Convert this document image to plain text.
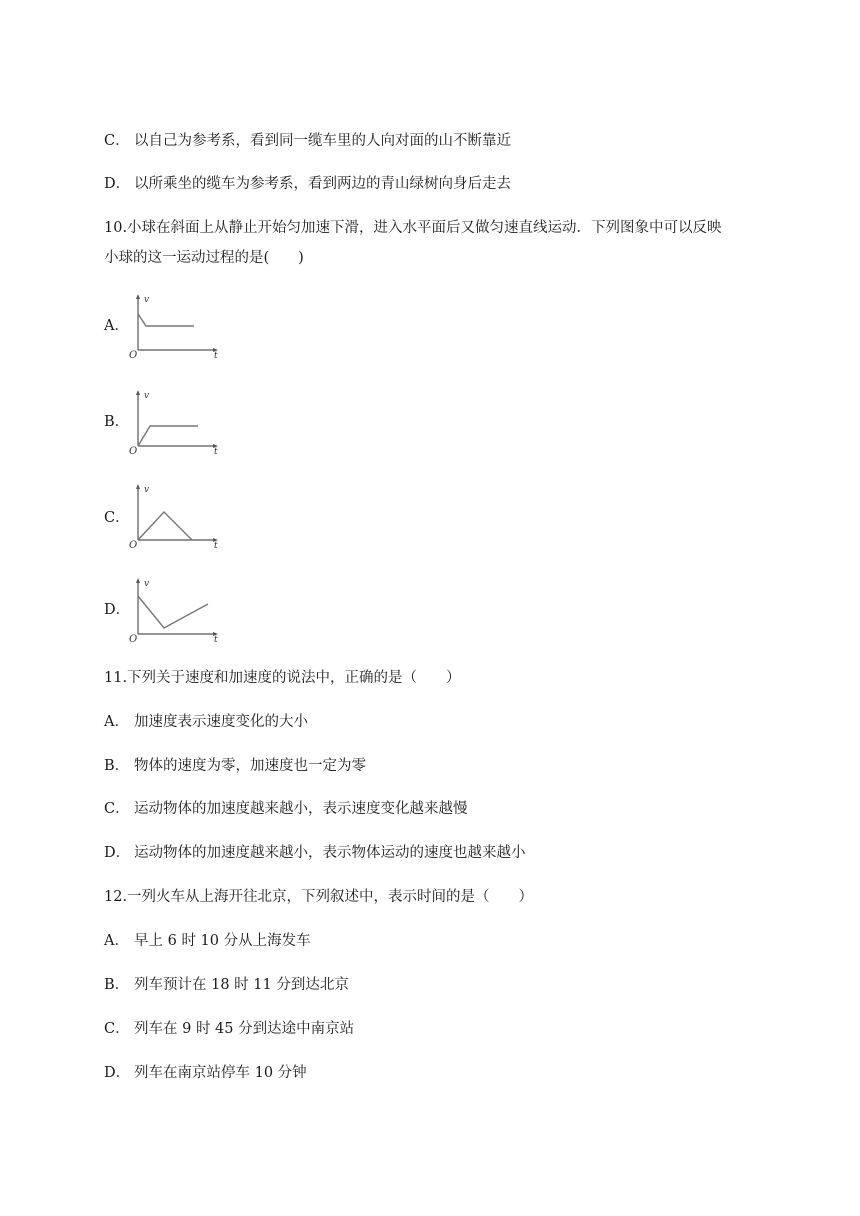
C． 以自己为参考系，看到同一缆车里的人向对面的山不断靠近
D． 以所乘坐的缆车为参考系，看到两边的青山绿树向身后走去
10.小球在斜面上从静止开始匀加速下滑，进入水平面后又做匀速直线运动．下列图象中可以反映
小球的这一运动过程的是(　　)
A．
v
t
O
B．
v
t
O
C．
v
t
O
D．
v
t
O
11.下列关于速度和加速度的说法中，正确的是（　　）
A． 加速度表示速度变化的大小
B． 物体的速度为零，加速度也一定为零
C． 运动物体的加速度越来越小，表示速度变化越来越慢
D． 运动物体的加速度越来越小，表示物体运动的速度也越来越小
12.一列火车从上海开往北京，下列叙述中，表示时间的是（　　）
A． 早上 6 时 10 分从上海发车
B． 列车预计在 18 时 11 分到达北京
C． 列车在 9 时 45 分到达途中南京站
D． 列车在南京站停车 10 分钟
